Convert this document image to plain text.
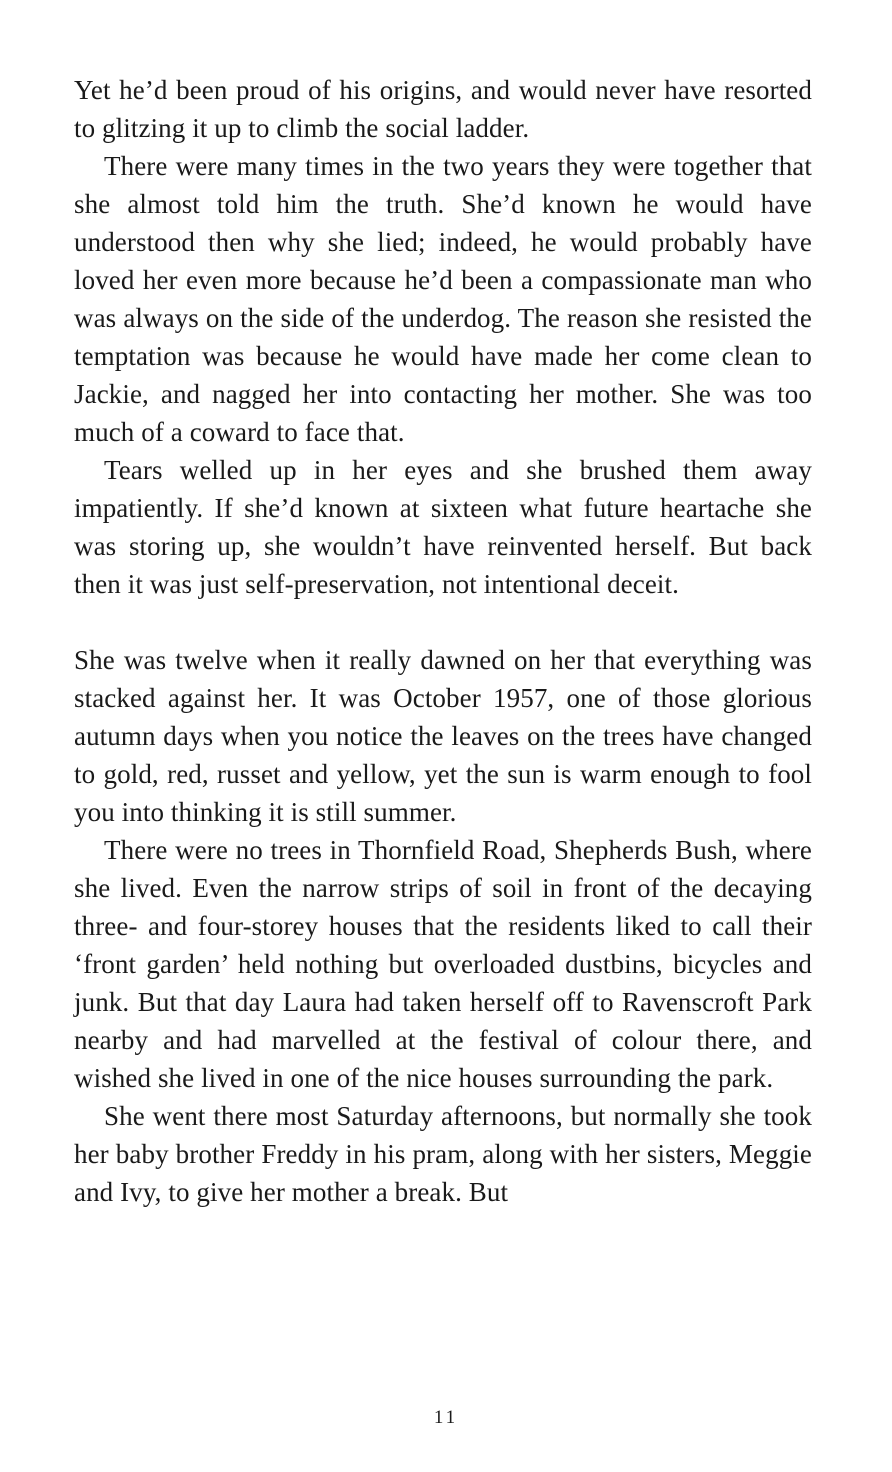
Yet he’d been proud of his origins, and would never have resorted to glitzing it up to climb the social ladder.

There were many times in the two years they were together that she almost told him the truth. She’d known he would have understood then why she lied; indeed, he would probably have loved her even more because he’d been a compassionate man who was always on the side of the underdog. The reason she resisted the temptation was because he would have made her come clean to Jackie, and nagged her into contacting her mother. She was too much of a coward to face that.

Tears welled up in her eyes and she brushed them away impatiently. If she’d known at sixteen what future heartache she was storing up, she wouldn’t have reinvented herself. But back then it was just self-preservation, not intentional deceit.

She was twelve when it really dawned on her that everything was stacked against her. It was October 1957, one of those glorious autumn days when you notice the leaves on the trees have changed to gold, red, russet and yellow, yet the sun is warm enough to fool you into thinking it is still summer.

There were no trees in Thornfield Road, Shepherds Bush, where she lived. Even the narrow strips of soil in front of the decaying three- and four-storey houses that the residents liked to call their ‘front garden’ held nothing but overloaded dustbins, bicycles and junk. But that day Laura had taken herself off to Ravenscroft Park nearby and had marvelled at the festival of colour there, and wished she lived in one of the nice houses surrounding the park.

She went there most Saturday afternoons, but normally she took her baby brother Freddy in his pram, along with her sisters, Meggie and Ivy, to give her mother a break. But

11
